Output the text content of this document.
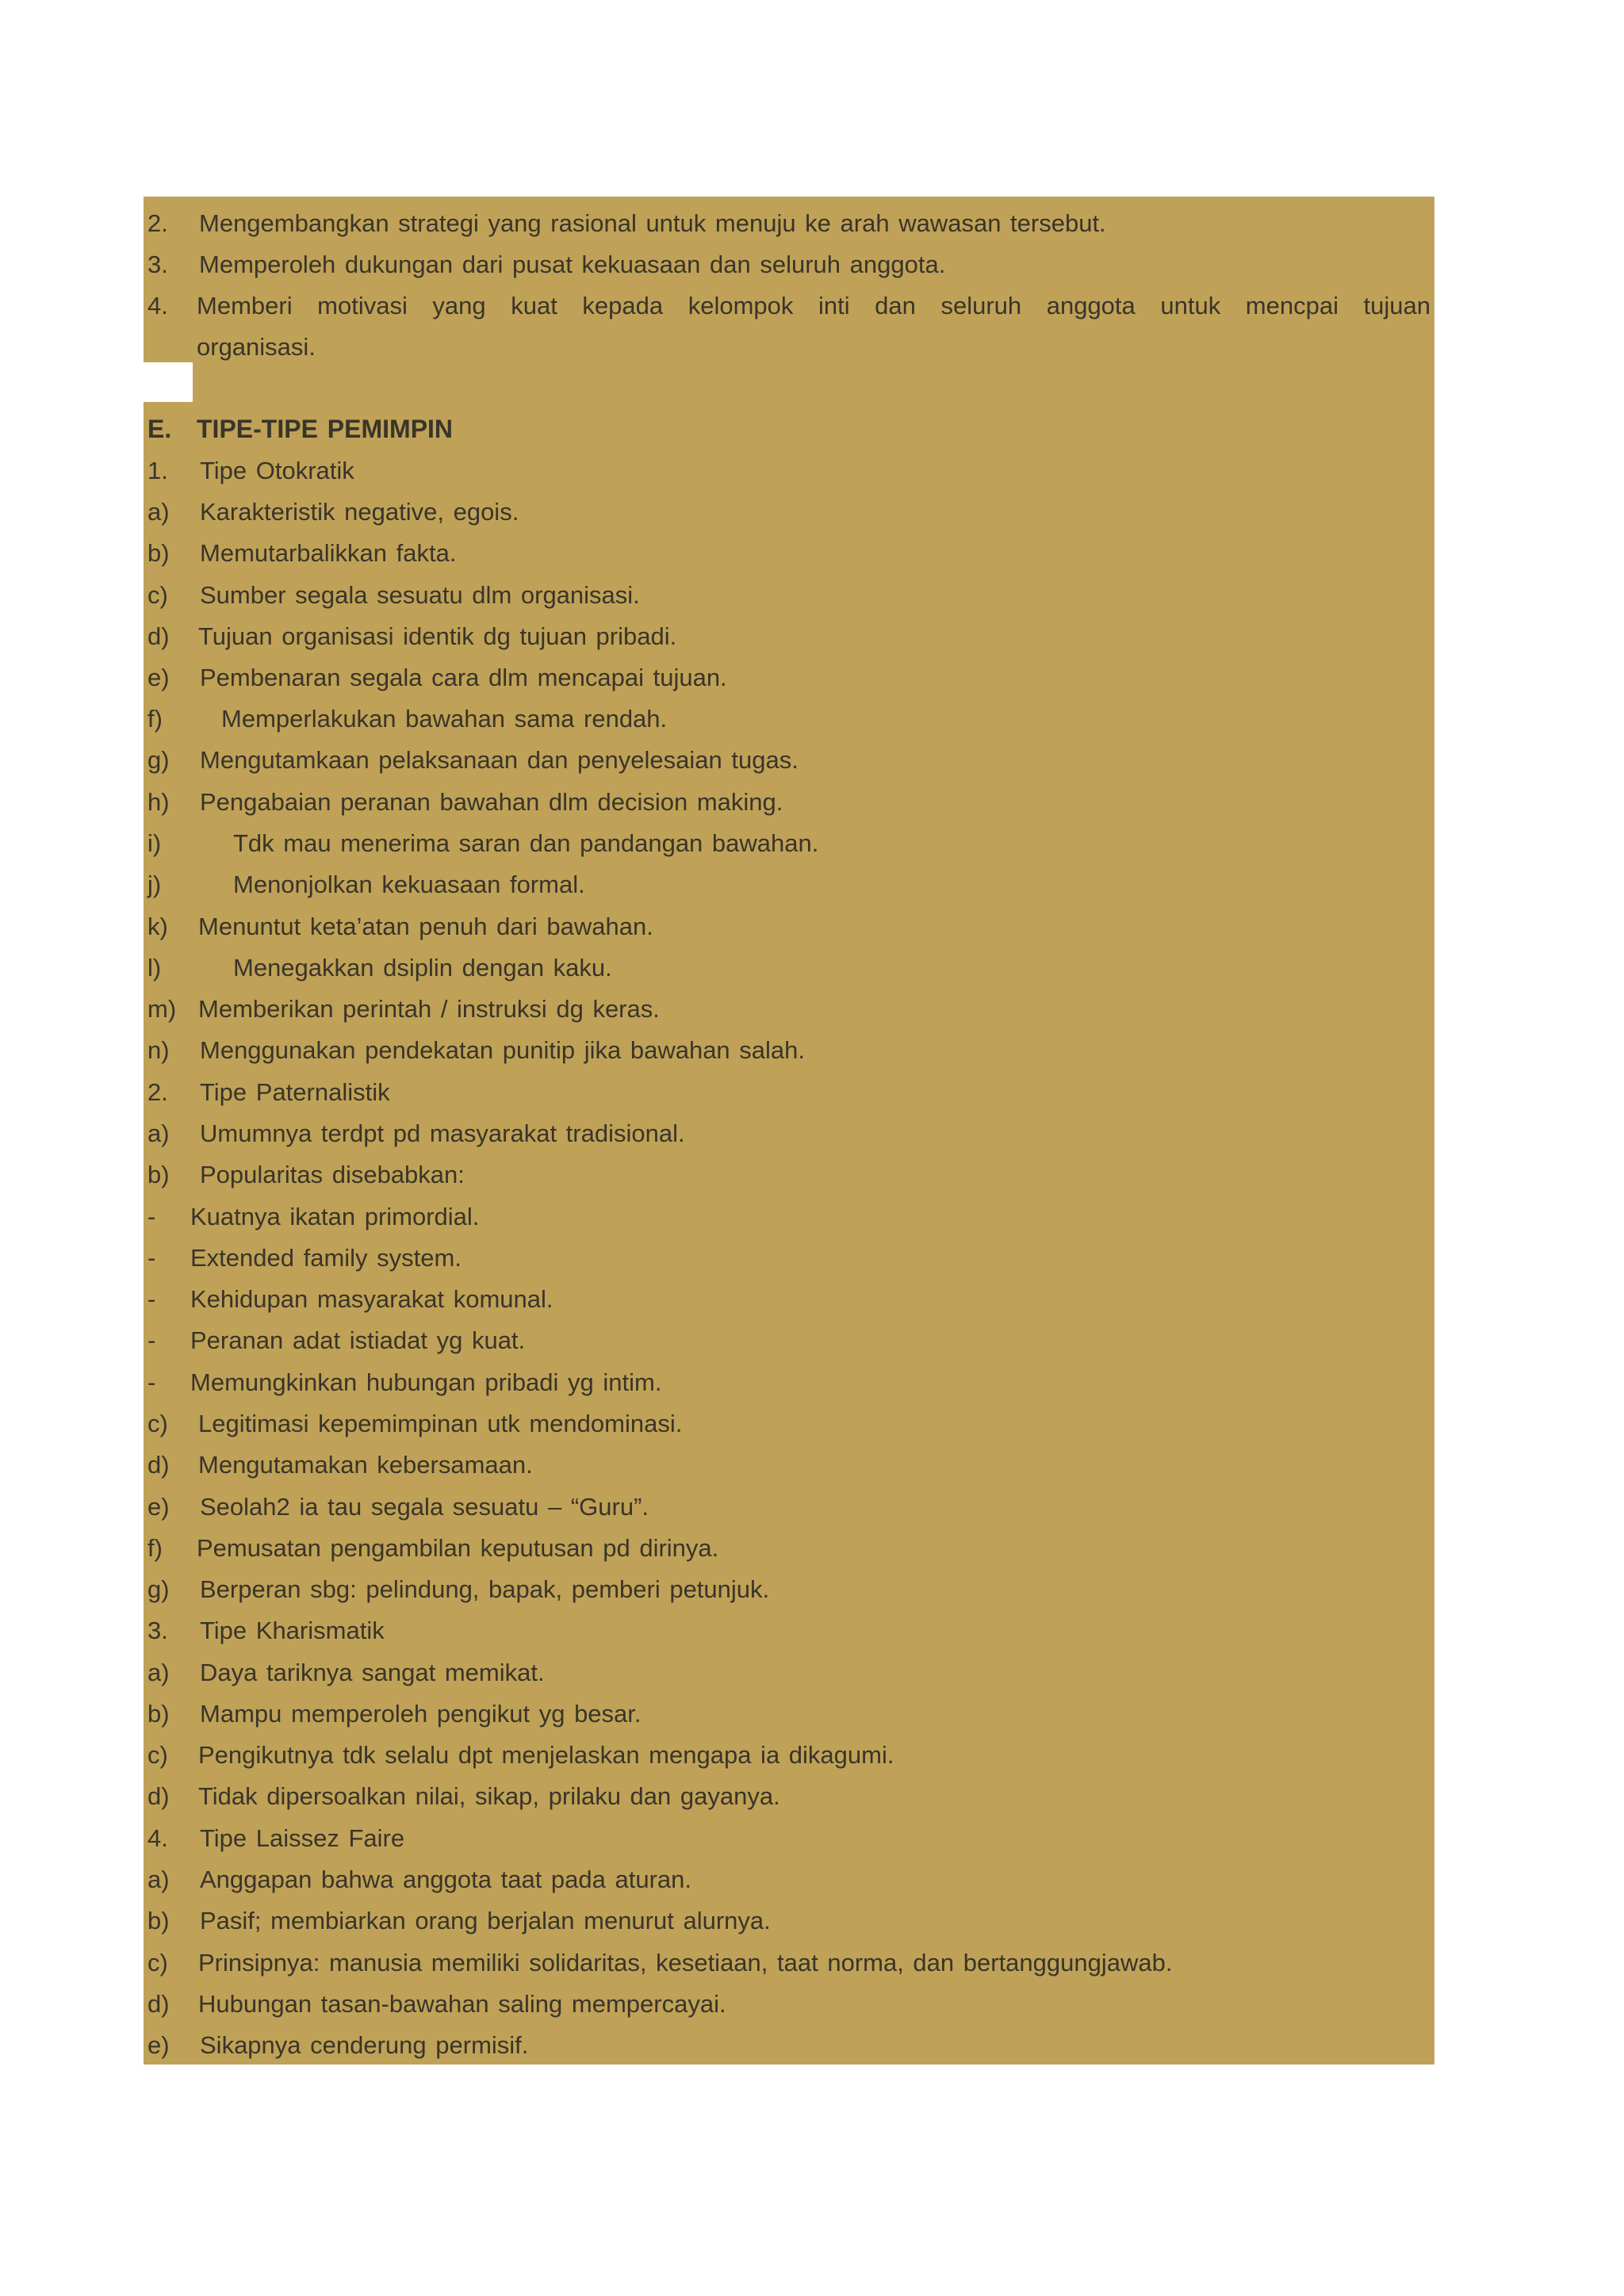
2. Mengembangkan strategi yang rasional untuk menuju ke arah wawasan tersebut.
3. Memperoleh dukungan dari pusat kekuasaan dan seluruh anggota.
4. Memberi motivasi yang kuat kepada kelompok inti dan seluruh anggota untuk mencpai tujuan
organisasi.
E. TIPE-TIPE PEMIMPIN
1. Tipe Otokratik
a) Karakteristik negative, egois.
b) Memutarbalikkan fakta.
c) Sumber segala sesuatu dlm organisasi.
d) Tujuan organisasi identik dg tujuan pribadi.
e) Pembenaran segala cara dlm mencapai tujuan.
f) Memperlakukan bawahan sama rendah.
g) Mengutamkaan pelaksanaan dan penyelesaian tugas.
h) Pengabaian peranan bawahan dlm decision making.
i)	Tdk mau menerima saran dan pandangan bawahan.
j)	Menonjolkan kekuasaan formal.
k) Menuntut keta’atan penuh dari bawahan.
l)	Menegakkan dsiplin dengan kaku.
m) Memberikan perintah / instruksi dg keras.
n) Menggunakan pendekatan punitip jika bawahan salah.
2. Tipe Paternalistik
a) Umumnya terdpt pd masyarakat tradisional.
b) Popularitas disebabkan:
- Kuatnya ikatan primordial.
- Extended family system.
- Kehidupan masyarakat komunal.
- Peranan adat istiadat yg kuat.
- Memungkinkan hubungan pribadi yg intim.
c) Legitimasi kepemimpinan utk mendominasi.
d) Mengutamakan kebersamaan.
e) Seolah2 ia tau segala sesuatu – “Guru”.
f) Pemusatan pengambilan keputusan pd dirinya.
g) Berperan sbg: pelindung, bapak, pemberi petunjuk.
3. Tipe Kharismatik
a) Daya tariknya sangat memikat.
b) Mampu memperoleh pengikut yg besar.
c) Pengikutnya tdk selalu dpt menjelaskan mengapa ia dikagumi.
d) Tidak dipersoalkan nilai, sikap, prilaku dan gayanya.
4. Tipe Laissez Faire
a) Anggapan bahwa anggota taat pada aturan.
b) Pasif; membiarkan orang berjalan menurut alurnya.
c) Prinsipnya: manusia memiliki solidaritas, kesetiaan, taat norma, dan bertanggungjawab.
d) Hubungan tasan-bawahan saling mempercayai.
e) Sikapnya cenderung permisif.
